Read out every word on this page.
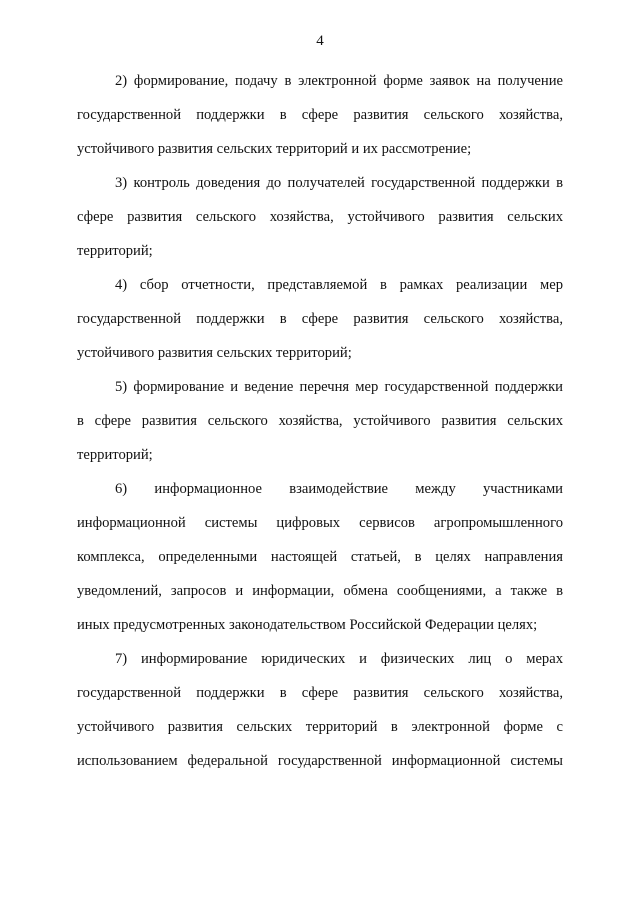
4
2) формирование, подачу в электронной форме заявок на получение
государственной поддержки в сфере развития сельского хозяйства,
устойчивого развития сельских территорий и их рассмотрение;
3) контроль доведения до получателей государственной поддержки в
сфере развития сельского хозяйства, устойчивого развития сельских
территорий;
4) сбор отчетности, представляемой в рамках реализации мер
государственной поддержки в сфере развития сельского хозяйства,
устойчивого развития сельских территорий;
5) формирование и ведение перечня мер государственной поддержки
в сфере развития сельского хозяйства, устойчивого развития сельских
территорий;
6) информационное взаимодействие между участниками
информационной системы цифровых сервисов агропромышленного
комплекса, определенными настоящей статьей, в целях направления
уведомлений, запросов и информации, обмена сообщениями, а также в
иных предусмотренных законодательством Российской Федерации целях;
7) информирование юридических и физических лиц о мерах
государственной поддержки в сфере развития сельского хозяйства,
устойчивого развития сельских территорий в электронной форме с
использованием федеральной государственной информационной системы
